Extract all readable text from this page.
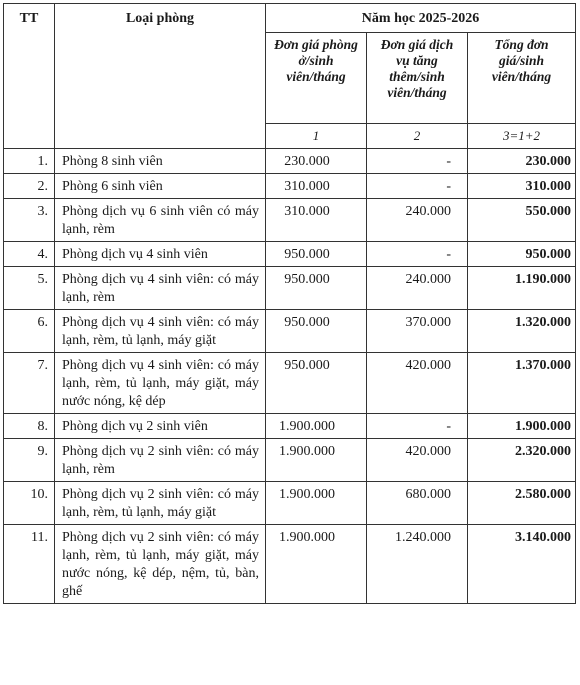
TT	Loại phòng	Năm học 2025-2026		
		Đơn giá phòng ở/sinh viên/tháng	Đơn giá dịch vụ tăng thêm/sinh viên/tháng	Tổng đơn giá/sinh viên/tháng
		1	2	3=1+2
1.	Phòng 8 sinh viên	230.000	-	230.000
2.	Phòng 6 sinh viên	310.000	-	310.000
3.	Phòng dịch vụ 6 sinh viên có máy lạnh, rèm	310.000	240.000	550.000
4.	Phòng dịch vụ 4 sinh viên	950.000	-	950.000
5.	Phòng dịch vụ 4 sinh viên: có máy lạnh, rèm	950.000	240.000	1.190.000
6.	Phòng dịch vụ 4 sinh viên: có máy lạnh, rèm, tủ lạnh, máy giặt	950.000	370.000	1.320.000
7.	Phòng dịch vụ 4 sinh viên: có máy lạnh, rèm, tủ lạnh, máy giặt, máy nước nóng, kệ dép	950.000	420.000	1.370.000
8.	Phòng dịch vụ 2 sinh viên	1.900.000	-	1.900.000
9.	Phòng dịch vụ 2 sinh viên: có máy lạnh, rèm	1.900.000	420.000	2.320.000
10.	Phòng dịch vụ 2 sinh viên: có máy lạnh, rèm, tủ lạnh, máy giặt	1.900.000	680.000	2.580.000
11.	Phòng dịch vụ 2 sinh viên: có máy lạnh, rèm, tủ lạnh, máy giặt, máy nước nóng, kệ dép, nệm, tủ, bàn, ghế	1.900.000	1.240.000	3.140.000
